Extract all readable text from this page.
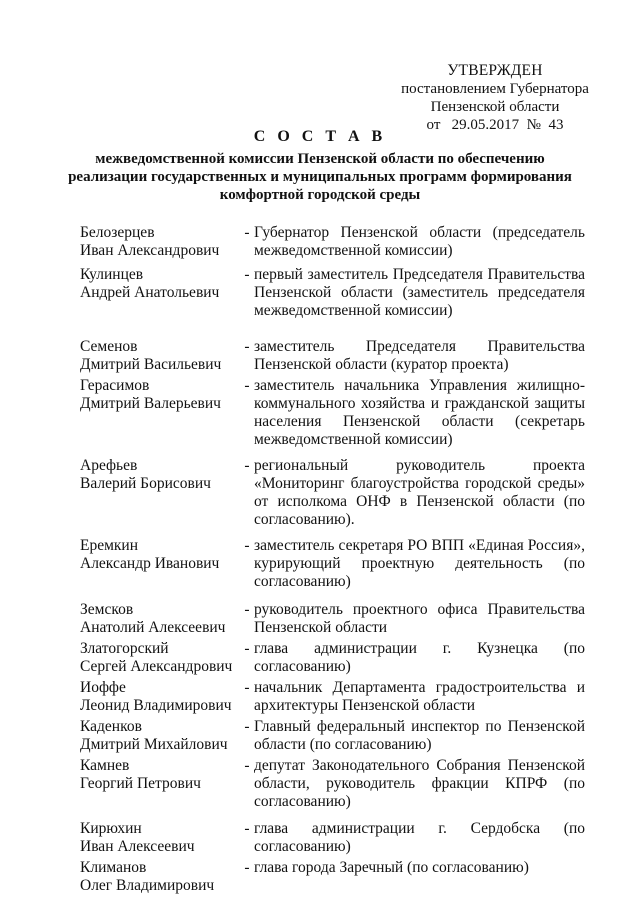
УТВЕРЖДЕН
постановлением Губернатора
Пензенской области
от   29.05.2017  №  43
С О С Т А В
межведомственной комиссии Пензенской области по обеспечению реализации государственных и муниципальных программ формирования комфортной городской среды
Белозерцев
Иван Александрович
- Губернатор Пензенской области (председатель межведомственной комиссии)
Кулинцев
Андрей Анатольевич
- первый заместитель Председателя Правительства Пензенской области (заместитель председателя межведомственной комиссии)
Семенов
Дмитрий Васильевич
- заместитель Председателя Правительства Пензенской области (куратор проекта)
Герасимов
Дмитрий Валерьевич
- заместитель начальника Управления жилищно-коммунального хозяйства и гражданской защиты населения Пензенской области (секретарь межведомственной комиссии)
Арефьев
Валерий Борисович
- региональный руководитель проекта «Мониторинг благоустройства городской среды» от исполкома ОНФ в Пензенской области (по согласованию).
Еремкин
Александр Иванович
- заместитель секретаря РО ВПП «Единая Россия», курирующий проектную деятельность (по согласованию)
Земсков
Анатолий Алексеевич
- руководитель проектного офиса Правительства Пензенской области
Златогорский
Сергей Александрович
- глава администрации г. Кузнецка (по согласованию)
Иоффе
Леонид Владимирович
- начальник Департамента градостроительства и архитектуры Пензенской области
Каденков
Дмитрий Михайлович
- Главный федеральный инспектор по Пензенской области (по согласованию)
Камнев
Георгий Петрович
- депутат Законодательного Собрания Пензенской области, руководитель фракции КПРФ (по согласованию)
Кирюхин
Иван Алексеевич
- глава администрации г. Сердобска (по согласованию)
Климанов
Олег Владимирович
- глава города Заречный (по согласованию)
